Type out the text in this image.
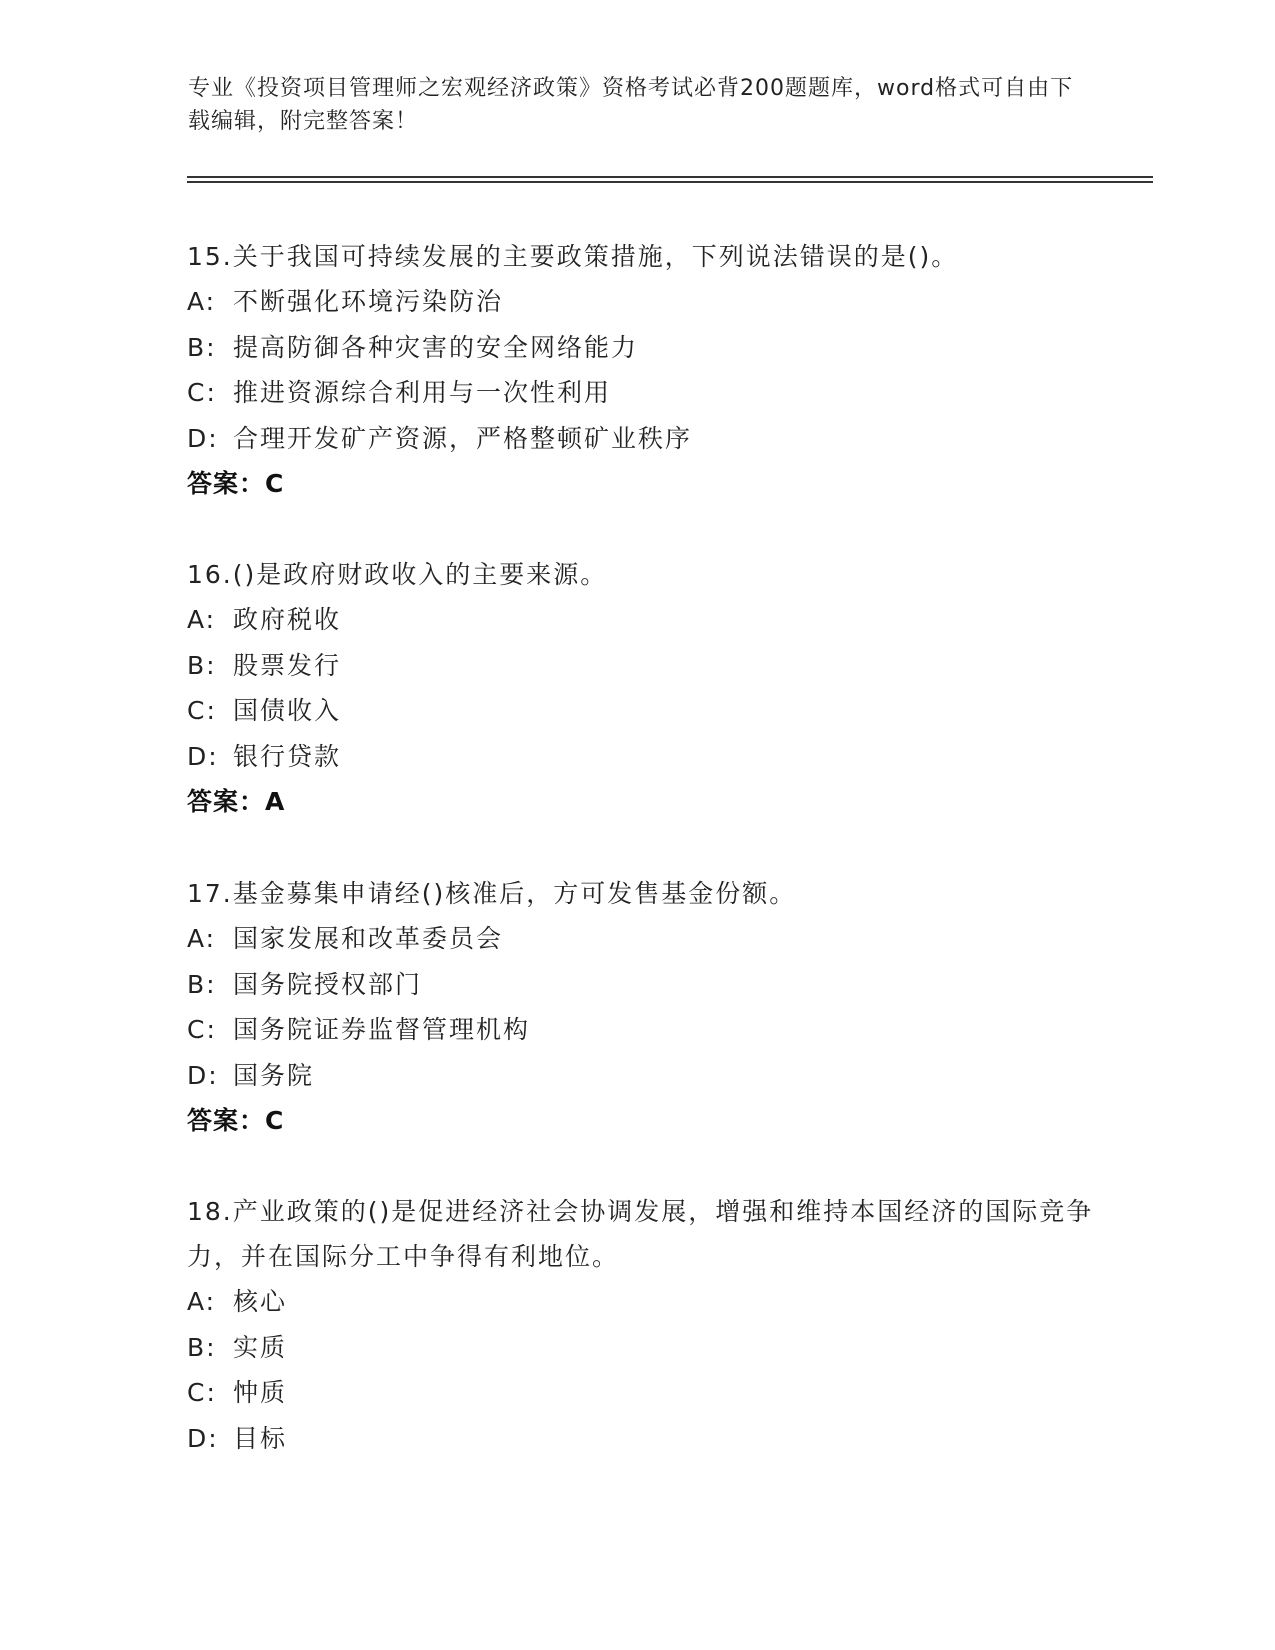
专业《投资项目管理师之宏观经济政策》资格考试必背200题题库，word格式可自由下载编辑，附完整答案！

15.关于我国可持续发展的主要政策措施，下列说法错误的是()。

A: 不断强化环境污染防治

B: 提高防御各种灾害的安全网络能力

C: 推进资源综合利用与一次性利用

D: 合理开发矿产资源，严格整顿矿业秩序

答案：C

16.()是政府财政收入的主要来源。

A: 政府税收

B: 股票发行

C: 国债收入

D: 银行贷款

答案：A

17.基金募集申请经()核准后，方可发售基金份额。

A: 国家发展和改革委员会

B: 国务院授权部门

C: 国务院证券监督管理机构

D: 国务院

答案：C

18.产业政策的()是促进经济社会协调发展，增强和维持本国经济的国际竞争力，并在国际分工中争得有利地位。

A: 核心

B: 实质

C: 忡质

D: 目标
